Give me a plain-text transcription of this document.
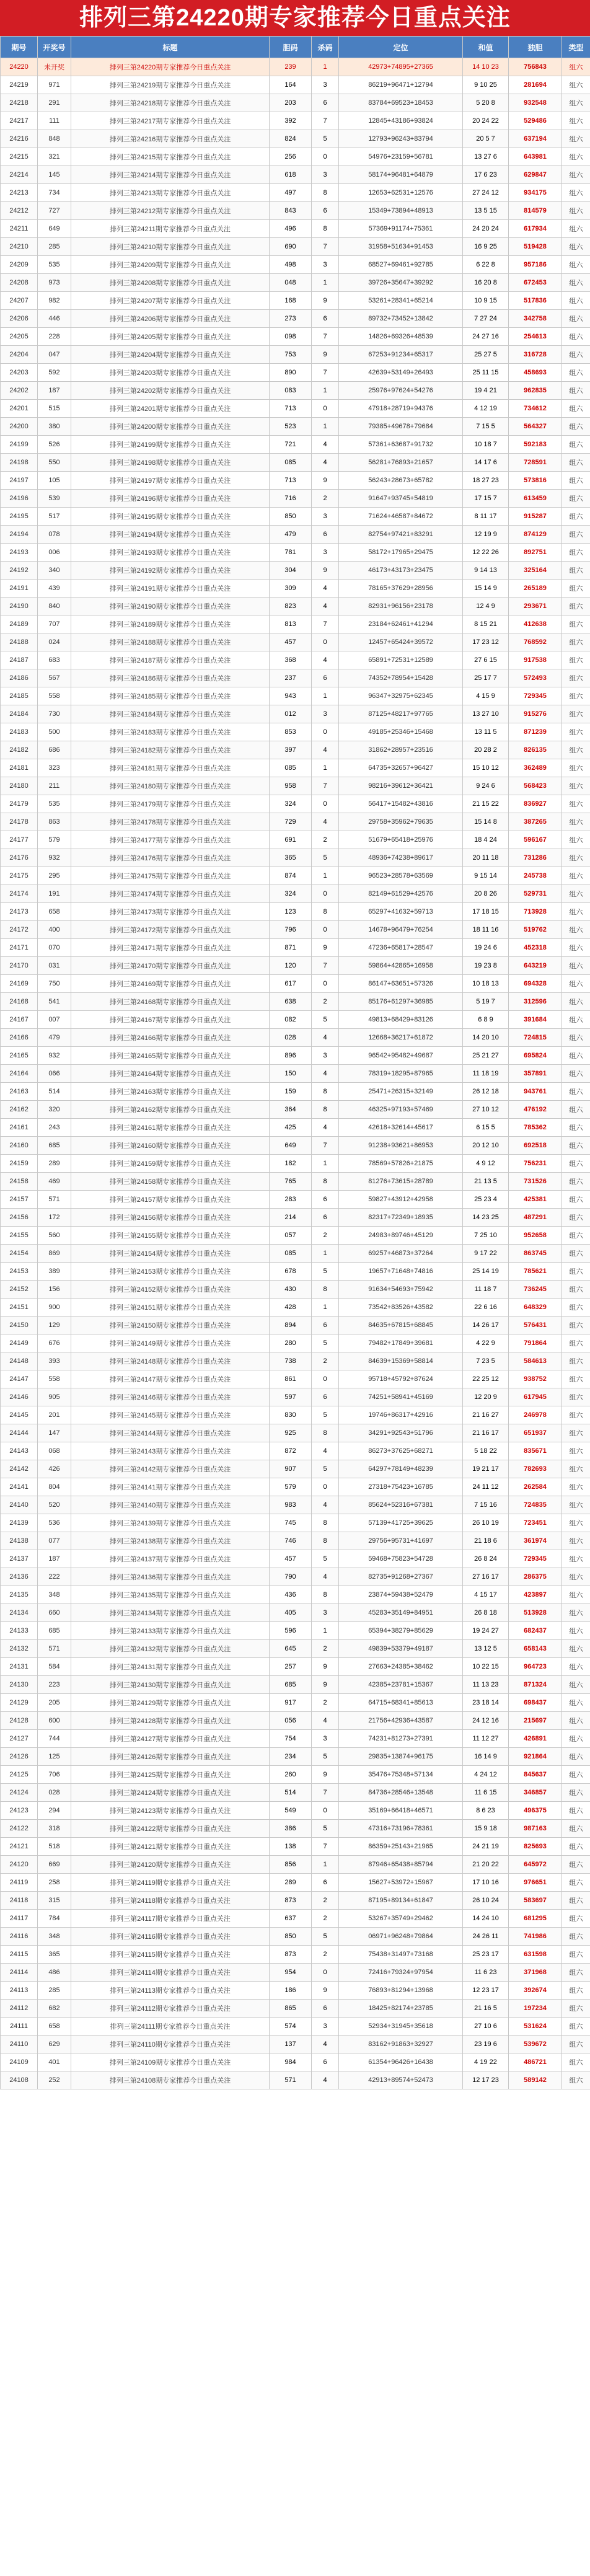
排列三第24220期专家推荐今日重点关注
期号	开奖号	标题	胆码	杀码	定位	和值	独胆	类型
24220	未开奖	排列三第24220期专家推荐今日重点关注	239	1	42973+74895+27365	14 10 23	756843	组六
24219	971	排列三第24219期专家推荐今日重点关注	164	3	86219+96471+12794	9 10 25	281694	组六
24218	291	排列三第24218期专家推荐今日重点关注	203	6	83784+69523+18453	5 20 8	932548	组六
24217	111	排列三第24217期专家推荐今日重点关注	392	7	12845+43186+93824	20 24 22	529486	组六
24216	848	排列三第24216期专家推荐今日重点关注	824	5	12793+96243+83794	20 5 7	637194	组六
24215	321	排列三第24215期专家推荐今日重点关注	256	0	54976+23159+56781	13 27 6	643981	组六
24214	145	排列三第24214期专家推荐今日重点关注	618	3	58174+96481+64879	17 6 23	629847	组六
24213	734	排列三第24213期专家推荐今日重点关注	497	8	12653+62531+12576	27 24 12	934175	组六
24212	727	排列三第24212期专家推荐今日重点关注	843	6	15349+73894+48913	13 5 15	814579	组六
24211	649	排列三第24211期专家推荐今日重点关注	496	8	57369+91174+75361	24 20 24	617934	组六
24210	285	排列三第24210期专家推荐今日重点关注	690	7	31958+51634+91453	16 9 25	519428	组六
24209	535	排列三第24209期专家推荐今日重点关注	498	3	68527+69461+92785	6 22 8	957186	组六
24208	973	排列三第24208期专家推荐今日重点关注	048	1	39726+35647+39292	16 20 8	672453	组六
24207	982	排列三第24207期专家推荐今日重点关注	168	9	53261+28341+65214	10 9 15	517836	组六
24206	446	排列三第24206期专家推荐今日重点关注	273	6	89732+73452+13842	7 27 24	342758	组六
24205	228	排列三第24205期专家推荐今日重点关注	098	7	14826+69326+48539	24 27 16	254613	组六
24204	047	排列三第24204期专家推荐今日重点关注	753	9	67253+91234+65317	25 27 5	316728	组六
24203	592	排列三第24203期专家推荐今日重点关注	890	7	42639+53149+26493	25 11 15	458693	组六
24202	187	排列三第24202期专家推荐今日重点关注	083	1	25976+97624+54276	19 4 21	962835	组六
24201	515	排列三第24201期专家推荐今日重点关注	713	0	47918+28719+94376	4 12 19	734612	组六
24200	380	排列三第24200期专家推荐今日重点关注	523	1	79385+49678+79684	7 15 5	564327	组六
24199	526	排列三第24199期专家推荐今日重点关注	721	4	57361+63687+91732	10 18 7	592183	组六
24198	550	排列三第24198期专家推荐今日重点关注	085	4	56281+76893+21657	14 17 6	728591	组六
24197	105	排列三第24197期专家推荐今日重点关注	713	9	56243+28673+65782	18 27 23	573816	组六
24196	539	排列三第24196期专家推荐今日重点关注	716	2	91647+93745+54819	17 15 7	613459	组六
24195	517	排列三第24195期专家推荐今日重点关注	850	3	71624+46587+84672	8 11 17	915287	组六
24194	078	排列三第24194期专家推荐今日重点关注	479	6	82754+97421+83291	12 19 9	874129	组六
24193	006	排列三第24193期专家推荐今日重点关注	781	3	58172+17965+29475	12 22 26	892751	组六
24192	340	排列三第24192期专家推荐今日重点关注	304	9	46173+43173+23475	9 14 13	325164	组六
24191	439	排列三第24191期专家推荐今日重点关注	309	4	78165+37629+28956	15 14 9	265189	组六
24190	840	排列三第24190期专家推荐今日重点关注	823	4	82931+96156+23178	12 4 9	293671	组六
24189	707	排列三第24189期专家推荐今日重点关注	813	7	23184+62461+41294	8 15 21	412638	组六
24188	024	排列三第24188期专家推荐今日重点关注	457	0	12457+65424+39572	17 23 12	768592	组六
24187	683	排列三第24187期专家推荐今日重点关注	368	4	65891+72531+12589	27 6 15	917538	组六
24186	567	排列三第24186期专家推荐今日重点关注	237	6	74352+78954+15428	25 17 7	572493	组六
24185	558	排列三第24185期专家推荐今日重点关注	943	1	96347+32975+62345	4 15 9	729345	组六
24184	730	排列三第24184期专家推荐今日重点关注	012	3	87125+48217+97765	13 27 10	915276	组六
24183	500	排列三第24183期专家推荐今日重点关注	853	0	49185+25346+15468	13 11 5	871239	组六
24182	686	排列三第24182期专家推荐今日重点关注	397	4	31862+28957+23516	20 28 2	826135	组六
24181	323	排列三第24181期专家推荐今日重点关注	085	1	64735+32657+96427	15 10 12	362489	组六
24180	211	排列三第24180期专家推荐今日重点关注	958	7	98216+39612+36421	9 24 6	568423	组六
24179	535	排列三第24179期专家推荐今日重点关注	324	0	56417+15482+43816	21 15 22	836927	组六
24178	863	排列三第24178期专家推荐今日重点关注	729	4	29758+35962+79635	15 14 8	387265	组六
24177	579	排列三第24177期专家推荐今日重点关注	691	2	51679+65418+25976	18 4 24	596167	组六
24176	932	排列三第24176期专家推荐今日重点关注	365	5	48936+74238+89617	20 11 18	731286	组六
24175	295	排列三第24175期专家推荐今日重点关注	874	1	96523+28578+63569	9 15 14	245738	组六
24174	191	排列三第24174期专家推荐今日重点关注	324	0	82149+61529+42576	20 8 26	529731	组六
24173	658	排列三第24173期专家推荐今日重点关注	123	8	65297+41632+59713	17 18 15	713928	组六
24172	400	排列三第24172期专家推荐今日重点关注	796	0	14678+96479+76254	18 11 16	519762	组六
24171	070	排列三第24171期专家推荐今日重点关注	871	9	47236+65817+28547	19 24 6	452318	组六
24170	031	排列三第24170期专家推荐今日重点关注	120	7	59864+42865+16958	19 23 8	643219	组六
24169	750	排列三第24169期专家推荐今日重点关注	617	0	86147+63651+57326	10 18 13	694328	组六
24168	541	排列三第24168期专家推荐今日重点关注	638	2	85176+61297+36985	5 19 7	312596	组六
24167	007	排列三第24167期专家推荐今日重点关注	082	5	49813+68429+83126	6 8 9	391684	组六
24166	479	排列三第24166期专家推荐今日重点关注	028	4	12668+36217+61872	14 20 10	724815	组六
24165	932	排列三第24165期专家推荐今日重点关注	896	3	96542+95482+49687	25 21 27	695824	组六
24164	066	排列三第24164期专家推荐今日重点关注	150	4	78319+18295+87965	11 18 19	357891	组六
24163	514	排列三第24163期专家推荐今日重点关注	159	8	25471+26315+32149	26 12 18	943761	组六
24162	320	排列三第24162期专家推荐今日重点关注	364	8	46325+97193+57469	27 10 12	476192	组六
24161	243	排列三第24161期专家推荐今日重点关注	425	4	42618+32614+45617	6 15 5	785362	组六
24160	685	排列三第24160期专家推荐今日重点关注	649	7	91238+93621+86953	20 12 10	692518	组六
24159	289	排列三第24159期专家推荐今日重点关注	182	1	78569+57826+21875	4 9 12	756231	组六
24158	469	排列三第24158期专家推荐今日重点关注	765	8	81276+73615+28789	21 13 5	731526	组六
24157	571	排列三第24157期专家推荐今日重点关注	283	6	59827+43912+42958	25 23 4	425381	组六
24156	172	排列三第24156期专家推荐今日重点关注	214	6	82317+72349+18935	14 23 25	487291	组六
24155	560	排列三第24155期专家推荐今日重点关注	057	2	24983+89746+45129	7 25 10	952658	组六
24154	869	排列三第24154期专家推荐今日重点关注	085	1	69257+46873+37264	9 17 22	863745	组六
24153	389	排列三第24153期专家推荐今日重点关注	678	5	19657+71648+74816	25 14 19	785621	组六
24152	156	排列三第24152期专家推荐今日重点关注	430	8	91634+54693+75942	11 18 7	736245	组六
24151	900	排列三第24151期专家推荐今日重点关注	428	1	73542+83526+43582	22 6 16	648329	组六
24150	129	排列三第24150期专家推荐今日重点关注	894	6	84635+67815+68845	14 26 17	576431	组六
24149	676	排列三第24149期专家推荐今日重点关注	280	5	79482+17849+39681	4 22 9	791864	组六
24148	393	排列三第24148期专家推荐今日重点关注	738	2	84639+15369+58814	7 23 5	584613	组六
24147	558	排列三第24147期专家推荐今日重点关注	861	0	95718+45792+87624	22 25 12	938752	组六
24146	905	排列三第24146期专家推荐今日重点关注	597	6	74251+58941+45169	12 20 9	617945	组六
24145	201	排列三第24145期专家推荐今日重点关注	830	5	19746+86317+42916	21 16 27	246978	组六
24144	147	排列三第24144期专家推荐今日重点关注	925	8	34291+92543+51796	21 16 17	651937	组六
24143	068	排列三第24143期专家推荐今日重点关注	872	4	86273+37625+68271	5 18 22	835671	组六
24142	426	排列三第24142期专家推荐今日重点关注	907	5	64297+78149+48239	19 21 17	782693	组六
24141	804	排列三第24141期专家推荐今日重点关注	579	0	27318+75423+16785	24 11 12	262584	组六
24140	520	排列三第24140期专家推荐今日重点关注	983	4	85624+52316+67381	7 15 16	724835	组六
24139	536	排列三第24139期专家推荐今日重点关注	745	8	57139+41725+39625	26 10 19	723451	组六
24138	077	排列三第24138期专家推荐今日重点关注	746	8	29756+95731+41697	21 18 6	361974	组六
24137	187	排列三第24137期专家推荐今日重点关注	457	5	59468+75823+54728	26 8 24	729345	组六
24136	222	排列三第24136期专家推荐今日重点关注	790	4	82735+91268+27367	27 16 17	286375	组六
24135	348	排列三第24135期专家推荐今日重点关注	436	8	23874+59438+52479	4 15 17	423897	组六
24134	660	排列三第24134期专家推荐今日重点关注	405	3	45283+35149+84951	26 8 18	513928	组六
24133	685	排列三第24133期专家推荐今日重点关注	596	1	65394+38279+85629	19 24 27	682437	组六
24132	571	排列三第24132期专家推荐今日重点关注	645	2	49839+53379+49187	13 12 5	658143	组六
24131	584	排列三第24131期专家推荐今日重点关注	257	9	27663+24385+38462	10 22 15	964723	组六
24130	223	排列三第24130期专家推荐今日重点关注	685	9	42385+23781+15367	11 13 23	871324	组六
24129	205	排列三第24129期专家推荐今日重点关注	917	2	64715+68341+85613	23 18 14	698437	组六
24128	600	排列三第24128期专家推荐今日重点关注	056	4	21756+42936+43587	24 12 16	215697	组六
24127	744	排列三第24127期专家推荐今日重点关注	754	3	74231+81273+27391	11 12 27	426891	组六
24126	125	排列三第24126期专家推荐今日重点关注	234	5	29835+13874+96175	16 14 9	921864	组六
24125	706	排列三第24125期专家推荐今日重点关注	260	9	35476+75348+57134	4 24 12	845637	组六
24124	028	排列三第24124期专家推荐今日重点关注	514	7	84736+28546+13548	11 6 15	346857	组六
24123	294	排列三第24123期专家推荐今日重点关注	549	0	35169+66418+46571	8 6 23	496375	组六
24122	318	排列三第24122期专家推荐今日重点关注	386	5	47316+73196+78361	15 9 18	987163	组六
24121	518	排列三第24121期专家推荐今日重点关注	138	7	86359+25143+21965	24 21 19	825693	组六
24120	669	排列三第24120期专家推荐今日重点关注	856	1	87946+65438+85794	21 20 22	645972	组六
24119	258	排列三第24119期专家推荐今日重点关注	289	6	15627+53972+15967	17 10 16	976651	组六
24118	315	排列三第24118期专家推荐今日重点关注	873	2	87195+89134+61847	26 10 24	583697	组六
24117	784	排列三第24117期专家推荐今日重点关注	637	2	53267+35749+29462	14 24 10	681295	组六
24116	348	排列三第24116期专家推荐今日重点关注	850	5	06971+96248+79864	24 26 11	741986	组六
24115	365	排列三第24115期专家推荐今日重点关注	873	2	75438+31497+73168	25 23 17	631598	组六
24114	486	排列三第24114期专家推荐今日重点关注	954	0	72416+79324+97954	11 6 23	371968	组六
24113	285	排列三第24113期专家推荐今日重点关注	186	9	76893+81294+13968	12 23 17	392674	组六
24112	682	排列三第24112期专家推荐今日重点关注	865	6	18425+82174+23785	21 16 5	197234	组六
24111	658	排列三第24111期专家推荐今日重点关注	574	3	52934+31945+35618	27 10 6	531624	组六
24110	629	排列三第24110期专家推荐今日重点关注	137	4	83162+91863+32927	23 19 6	539672	组六
24109	401	排列三第24109期专家推荐今日重点关注	984	6	61354+96426+16438	4 19 22	486721	组六
24108	252	排列三第24108期专家推荐今日重点关注	571	4	42913+89574+52473	12 17 23	589142	组六
